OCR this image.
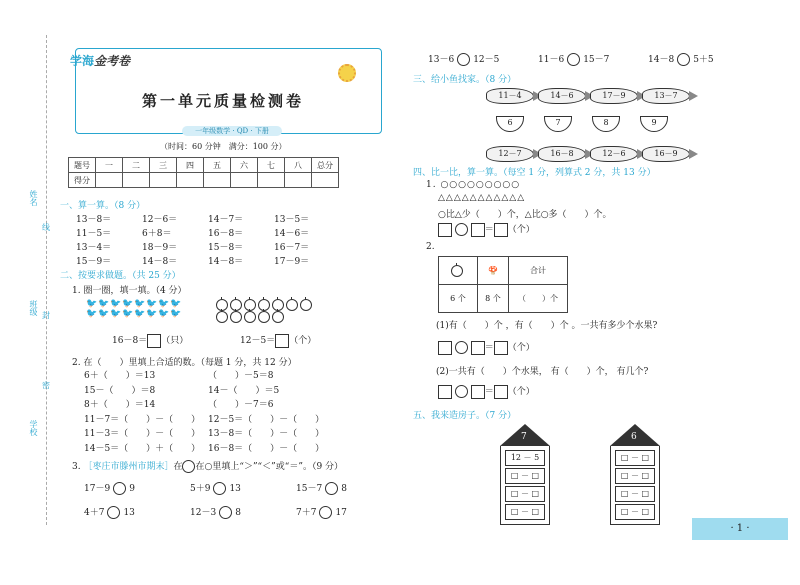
姓名
线
班级 封
密
学校
学海金考卷
第一单元质量检测卷
一年级数学 · QD · 下册
（时间：60 分钟　满分：100 分）
题号	一	二	三	四	五	六	七	八	总分
得分									
一、算一算。（8 分）
13－8＝	12－6＝	14－7＝	13－5＝
11－5＝	6＋8＝	16－8＝	14－6＝
13－4＝	18－9＝	15－8＝	16－7＝
15－9＝	14－8＝	14－8＝	17－9＝
二、按要求做题。（共 25 分）
1. 圈一圈，填一填。（4 分）
🐦🐦🐦🐦🐦🐦🐦🐦🐦🐦🐦🐦🐦🐦🐦🐦
16－8＝ （只）	12－5＝ （个）
2. 在（　　）里填上合适的数。（每题 1 分，共 12 分）
6＋（　　）＝13	（　　）－5＝8
15－（　　）＝8	14－（　　）＝5
8＋（　　）＝14	（　　）－7＝6
11－7＝（　　）－（　　） 12－5＝（　　）－（　　）
11－3＝（　　）－（　　） 13－8＝（　　）－（　　）
14－5＝（　　）＋（　　） 16－8＝（　　）－（　　）
3. ［枣庄市滕州市期末］在 在○里填上“＞”“＜”或“＝”。（9 分）
17－9 9	5＋9 13	15－7 8
4＋7 13	12－3 8	7＋7 17
13－6 12－5	11－6 15－7	14－8 5＋5
三、给小鱼找家。（8 分）
11－4	14－6	17－9	13－7
6	7	8	9
12－7	16－8	12－6	16－9
四、比一比，算一算。（每空 1 分，列算式 2 分，共 13 分）
1. ○○○○○○○○○
△△△△△△△△△△△
○比△少（　　）个，△比○多（　　）个。
＝ （个）
2.
	🍄	合计
6 个	8 个	（　　）个
(1)有（　　）个 ，有（　　）个 。一共有多少个水果?
＝ （个）
(2)一共有（　　）个水果， 有（　　）个， 有几个?
＝ （个）
五、我来造房子。（7 分）
7
12 － 5
□ － □
□ － □
□ － □
6
□ － □
□ － □
□ － □
□ － □
· 1 ·
